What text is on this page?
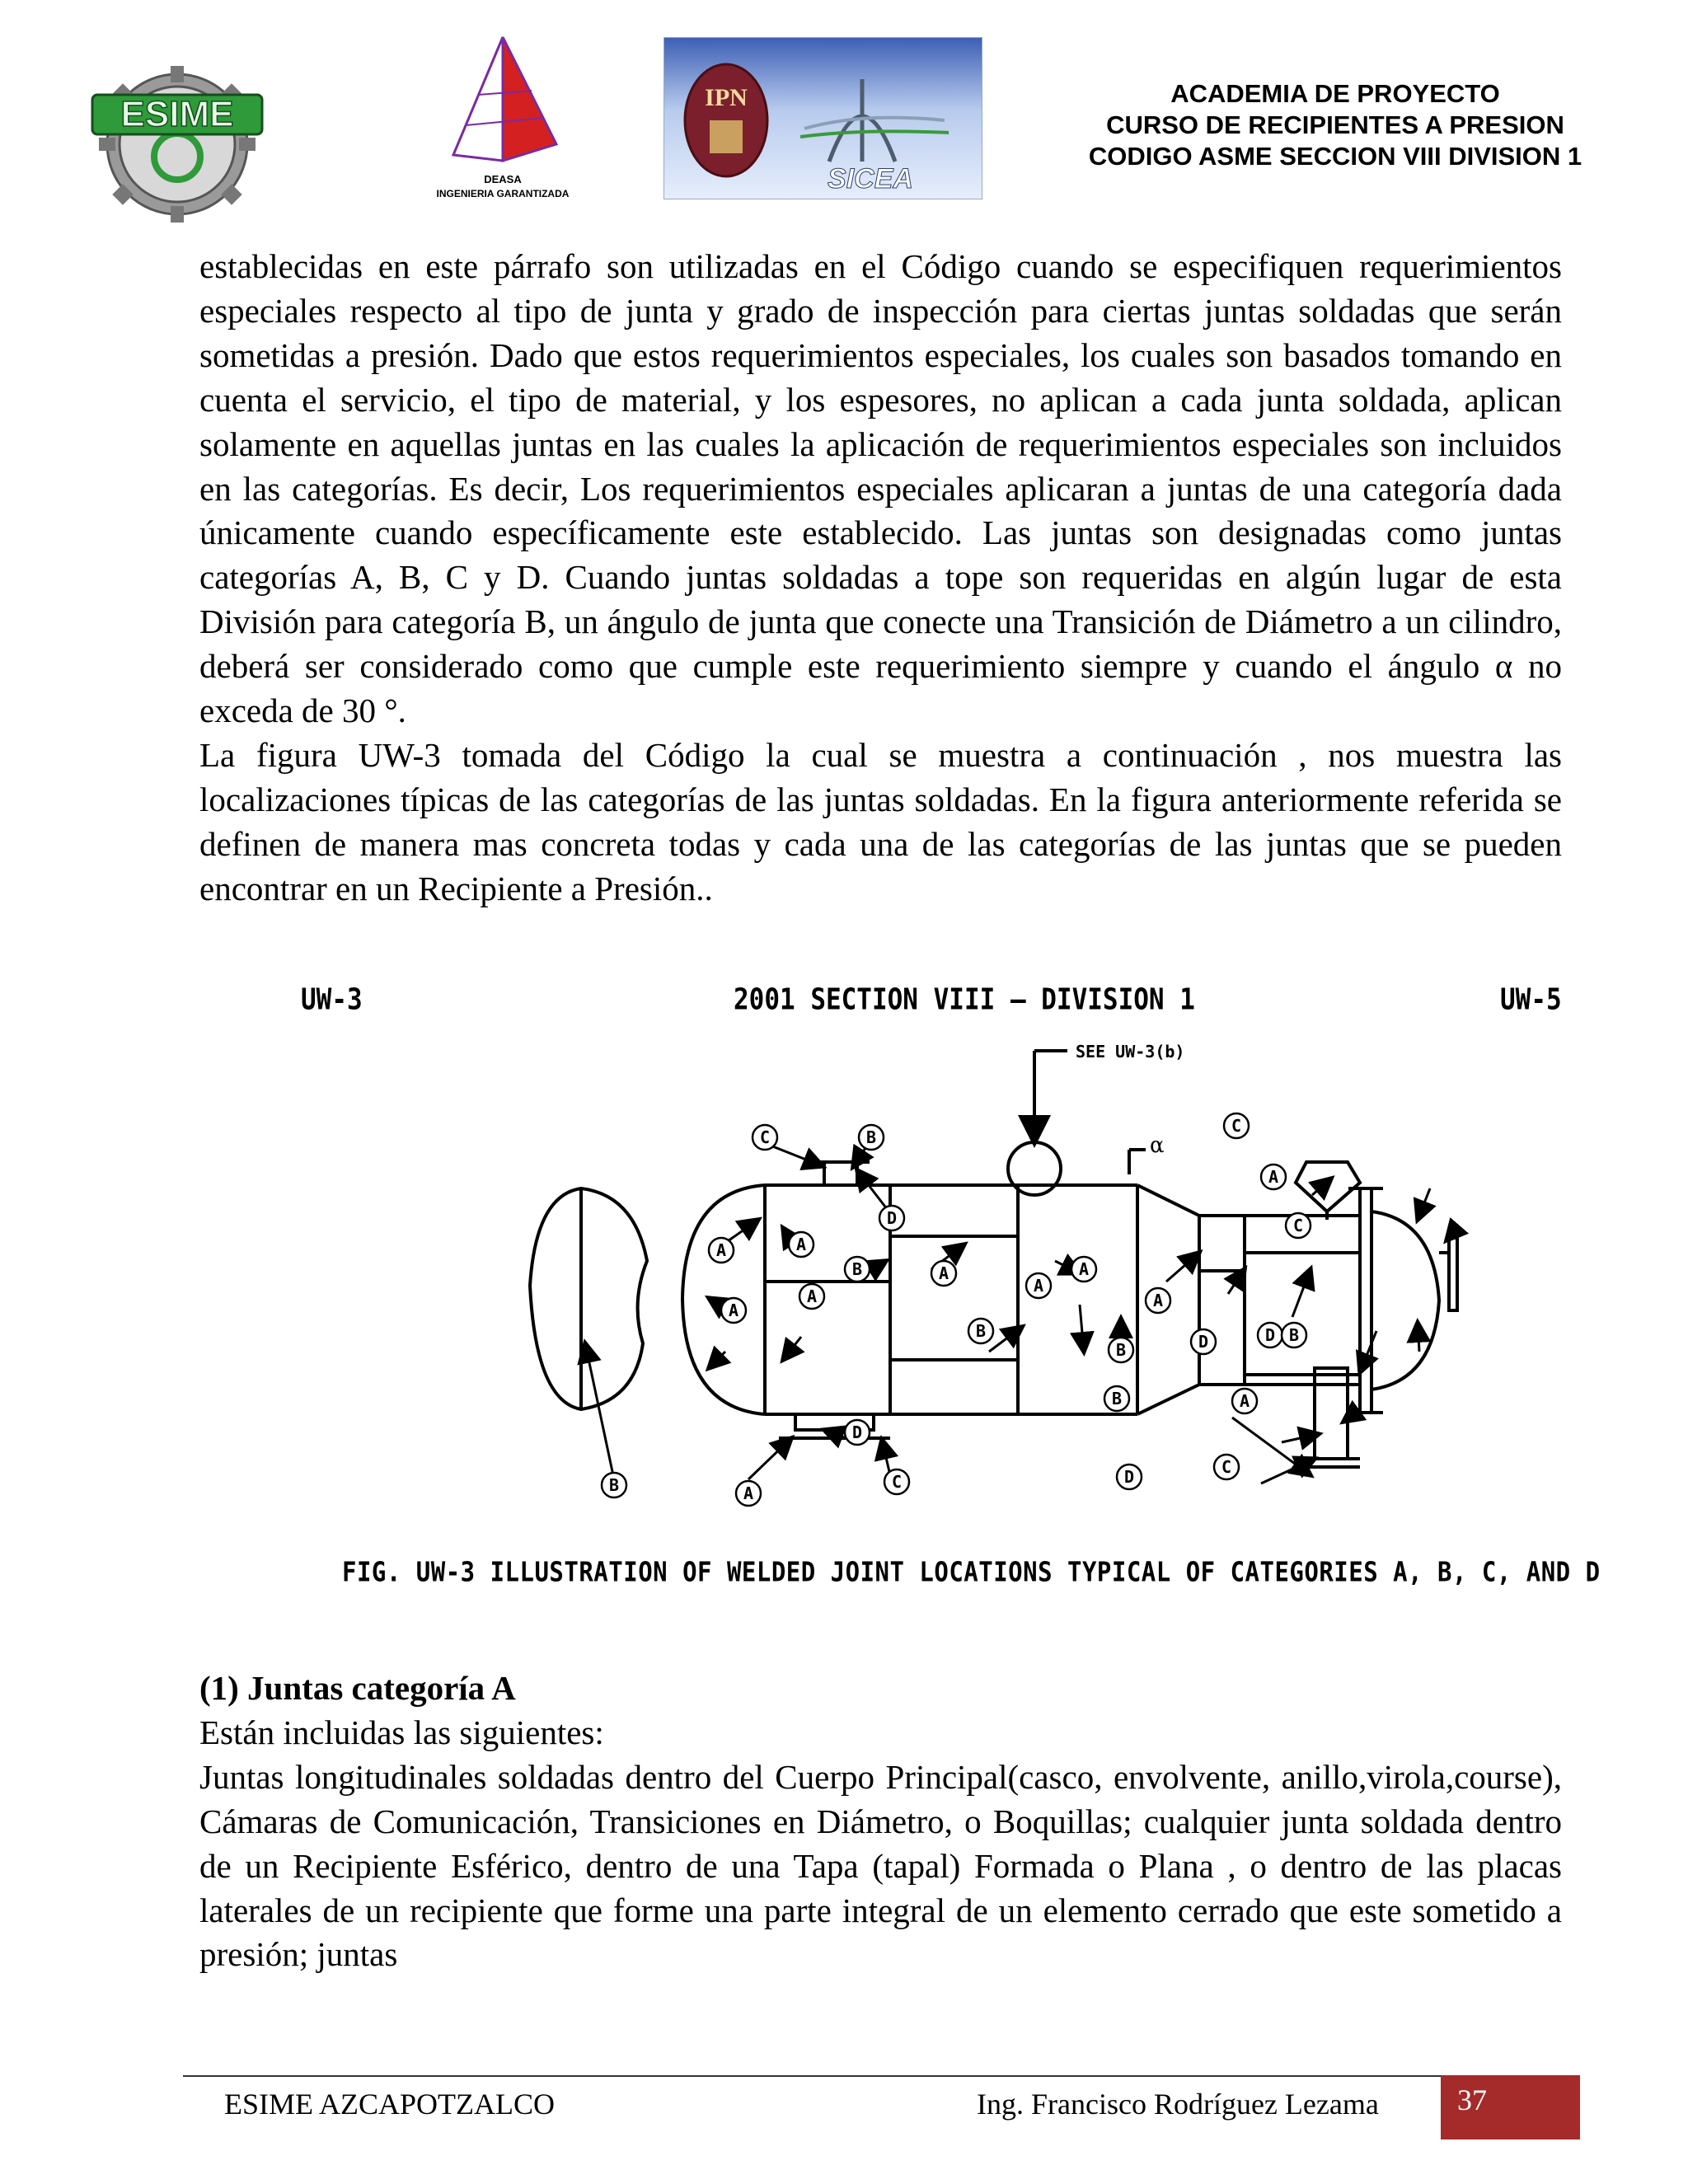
ESIME
DEASA
INGENIERIA GARANTIZADA
IPN
SICEA
ACADEMIA DE PROYECTO
CURSO DE RECIPIENTES A PRESION
CODIGO ASME SECCION VIII DIVISION 1

establecidas en este párrafo son utilizadas en el Código cuando se especifiquen requerimientos especiales respecto al tipo de junta y grado de inspección para ciertas juntas soldadas que serán sometidas a presión. Dado que estos requerimientos especiales, los cuales son basados tomando en cuenta el servicio, el tipo de material, y los espesores, no aplican a cada junta soldada, aplican solamente en aquellas juntas en las cuales la aplicación de requerimientos especiales son incluidos en las categorías. Es decir, Los requerimientos especiales aplicaran a juntas de una categoría dada únicamente cuando específicamente este establecido. Las juntas son designadas como juntas categorías A, B, C y D. Cuando juntas soldadas a tope son requeridas en algún lugar de esta División para categoría B, un ángulo de junta que conecte una Transición de Diámetro a un cilindro, deberá ser considerado como que cumple este requerimiento siempre y cuando el ángulo α no exceda de 30 °.

La figura UW-3 tomada del Código la cual se muestra a continuación , nos muestra las localizaciones típicas de las categorías de las juntas soldadas. En la figura anteriormente referida se definen de manera mas concreta todas y cada una de las categorías de las juntas que se pueden encontrar en un Recipiente a Presión..

UW-3	2001 SECTION VIII — DIVISION 1	UW-5
SEE UW-3(b)
α
C	B
D
A	A
A
A
B	A
B
A
A
B
A
D
C
A
C
D B
B	A
D	C
A
D
C
B
FIG. UW-3 ILLUSTRATION OF WELDED JOINT LOCATIONS TYPICAL OF CATEGORIES A, B, C, AND D

(1) Juntas categoría A

Están incluidas las siguientes:

Juntas longitudinales soldadas dentro del Cuerpo Principal(casco, envolvente, anillo,virola,course), Cámaras de Comunicación, Transiciones en Diámetro, o Boquillas; cualquier junta soldada dentro de un Recipiente Esférico, dentro de una Tapa (tapal) Formada o Plana , o dentro de las placas laterales de un recipiente que forme una parte integral de un elemento cerrado que este sometido a presión; juntas

ESIME AZCAPOTZALCO	Ing. Francisco Rodríguez Lezama	37
